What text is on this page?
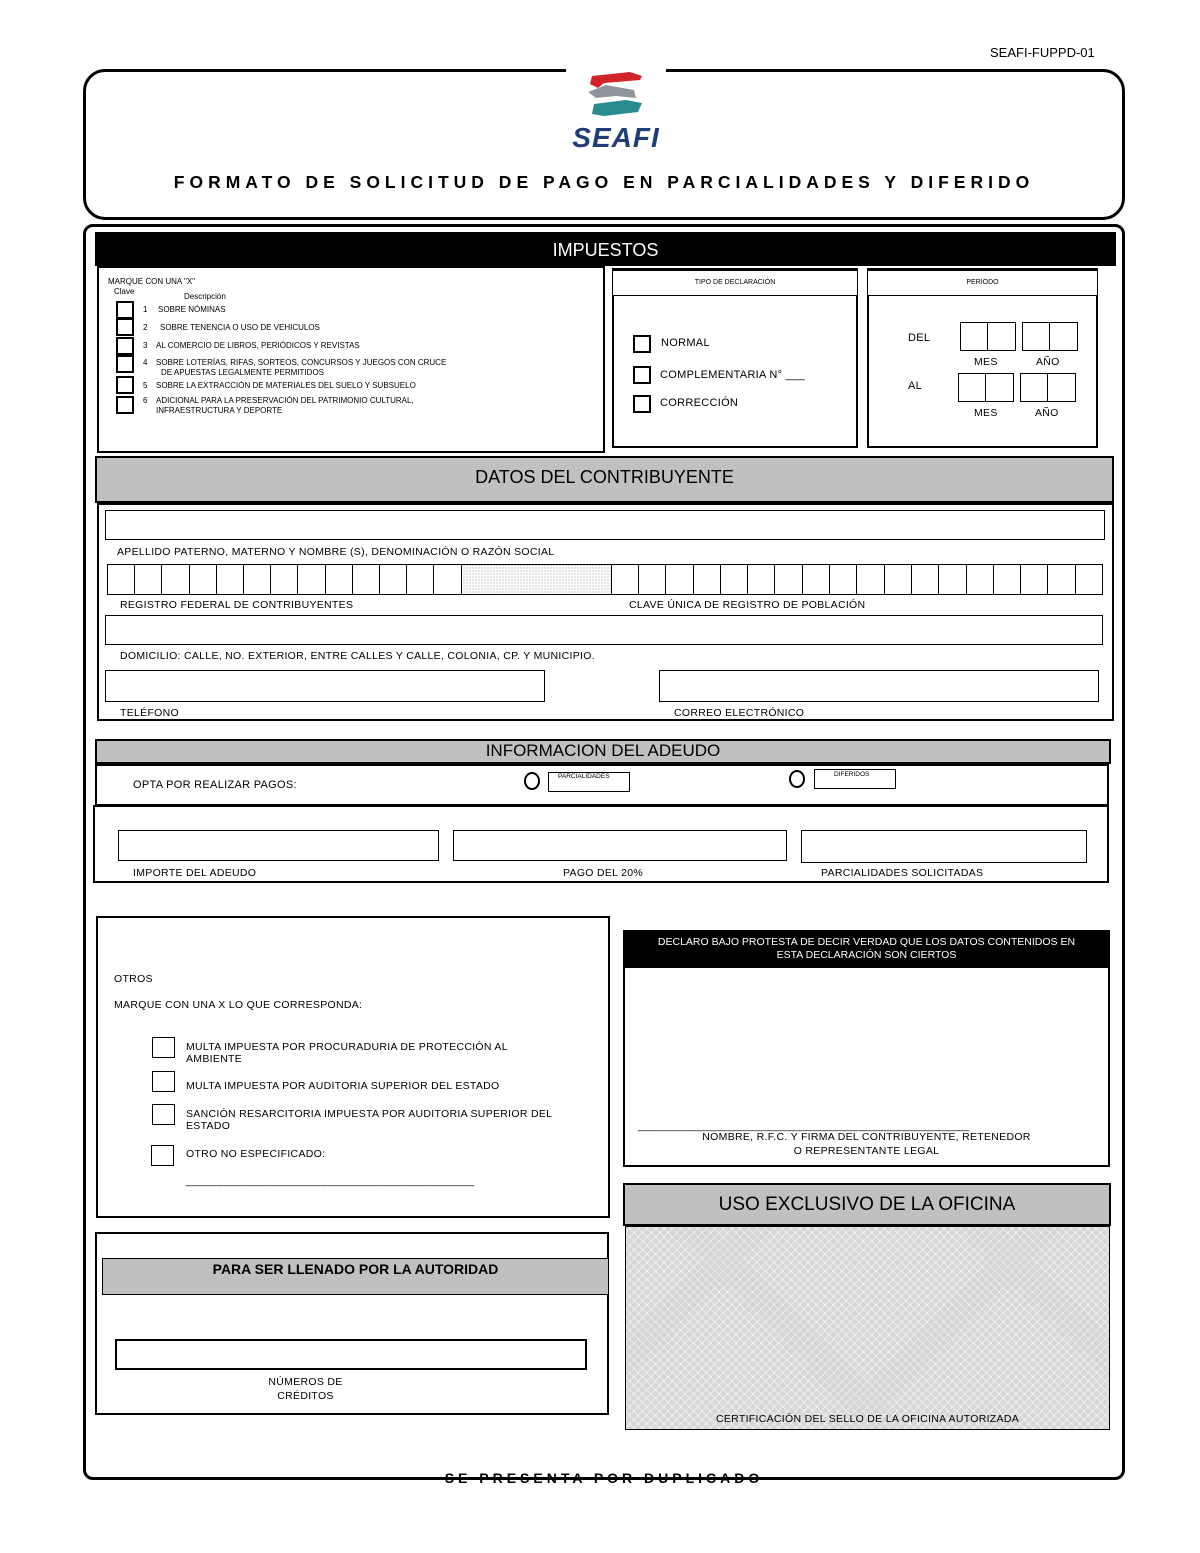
SEAFI-FUPPD-01
SEAFI
FORMATO DE SOLICITUD DE PAGO EN PARCIALIDADES Y DIFERIDO
IMPUESTOS
MARQUE CON UNA "X"
Clave
Descripción
1 SOBRE NÓMINAS
2 SOBRE TENENCIA O USO DE VEHICULOS
3 AL COMERCIO DE LIBROS, PERIÓDICOS Y REVISTAS
4 SOBRE LOTERÍAS, RIFAS, SORTEOS, CONCURSOS Y JUEGOS CON CRUCE
DE APUESTAS LEGALMENTE PERMITIDOS
5 SOBRE LA EXTRACCIÓN DE MATERIALES DEL SUELO Y SUBSUELO
6 ADICIONAL PARA LA PRESERVACIÓN DEL PATRIMONIO CULTURAL,
INFRAESTRUCTURA Y DEPORTE
TIPO DE DECLARACIÓN
NORMAL
COMPLEMENTARIA N° ___
CORRECCIÓN
PERIODO
DEL
MES	AÑO
AL
MES	AÑO
DATOS DEL CONTRIBUYENTE
APELLIDO PATERNO, MATERNO Y NOMBRE (S), DENOMINACIÓN O RAZÓN SOCIAL
REGISTRO FEDERAL DE CONTRIBUYENTES	CLAVE ÚNICA DE REGISTRO DE POBLACIÓN
DOMICILIO: CALLE, NO. EXTERIOR, ENTRE CALLES Y CALLE, COLONIA, CP. Y MUNICIPIO.
TELÉFONO	CORREO ELECTRÓNICO
INFORMACION DEL ADEUDO
OPTA POR REALIZAR PAGOS:
PARCIALIDADES	DIFERIDOS
IMPORTE DEL ADEUDO	PAGO DEL 20%	PARCIALIDADES SOLICITADAS
OTROS
MARQUE CON UNA X LO QUE CORRESPONDA:
MULTA IMPUESTA POR PROCURADURIA DE PROTECCIÓN AL
AMBIENTE
MULTA IMPUESTA POR AUDITORIA SUPERIOR DEL ESTADO
SANCIÓN RESARCITORIA IMPUESTA POR AUDITORIA SUPERIOR DEL
ESTADO
OTRO NO ESPECIFICADO:
_______________________________________________
DECLARO BAJO PROTESTA DE DECIR VERDAD QUE LOS DATOS CONTENIDOS EN
ESTA DECLARACIÓN SON CIERTOS
______________________________________________________
NOMBRE, R.F.C. Y FIRMA DEL CONTRIBUYENTE, RETENEDOR
O REPRESENTANTE LEGAL
PARA SER LLENADO POR LA AUTORIDAD
NÚMEROS DE
CRÉDITOS
USO EXCLUSIVO DE LA OFICINA
CERTIFICACIÓN DEL SELLO DE LA OFICINA AUTORIZADA
SE PRESENTA POR DUPLICADO
